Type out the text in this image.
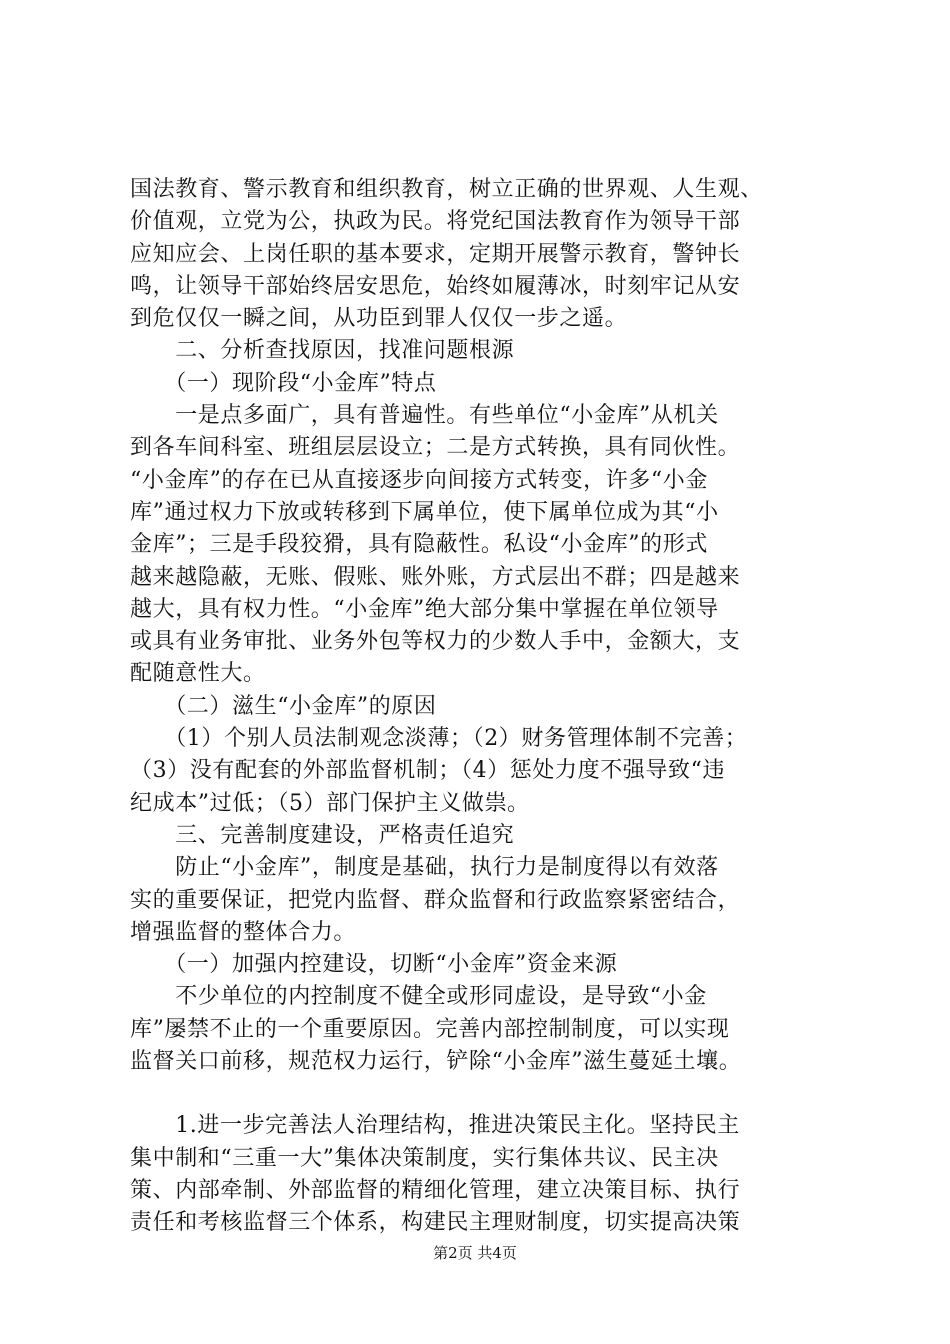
国法教育、警示教育和组织教育，树立正确的世界观、人生观、
价值观，立党为公，执政为民。将党纪国法教育作为领导干部
应知应会、上岗任职的基本要求，定期开展警示教育，警钟长
鸣，让领导干部始终居安思危，始终如履薄冰，时刻牢记从安
到危仅仅一瞬之间，从功臣到罪人仅仅一步之遥。
　　二、分析查找原因，找准问题根源
　　（一）现阶段“小金库”特点
　　一是点多面广，具有普遍性。有些单位“小金库”从机关
到各车间科室、班组层层设立；二是方式转换，具有同伙性。
“小金库”的存在已从直接逐步向间接方式转变，许多“小金
库”通过权力下放或转移到下属单位，使下属单位成为其“小
金库”；三是手段狡猾，具有隐蔽性。私设“小金库”的形式
越来越隐蔽，无账、假账、账外账，方式层出不群；四是越来
越大，具有权力性。“小金库”绝大部分集中掌握在单位领导
或具有业务审批、业务外包等权力的少数人手中，金额大，支
配随意性大。
　　（二）滋生“小金库”的原因
　　（1）个别人员法制观念淡薄；（2）财务管理体制不完善；
（3）没有配套的外部监督机制；（4）惩处力度不强导致“违
纪成本”过低；（5）部门保护主义做祟。
　　三、完善制度建设，严格责任追究
　　防止“小金库”，制度是基础，执行力是制度得以有效落
实的重要保证，把党内监督、群众监督和行政监察紧密结合，
增强监督的整体合力。
　　（一）加强内控建设，切断“小金库”资金来源
　　不少单位的内控制度不健全或形同虚设，是导致“小金
库”屡禁不止的一个重要原因。完善内部控制制度，可以实现
监督关口前移，规范权力运行，铲除“小金库”滋生蔓延土壤。
　　1.进一步完善法人治理结构，推进决策民主化。坚持民主
集中制和“三重一大”集体决策制度，实行集体共议、民主决
策、内部牵制、外部监督的精细化管理，建立决策目标、执行
责任和考核监督三个体系，构建民主理财制度，切实提高决策
第2页 共4页
